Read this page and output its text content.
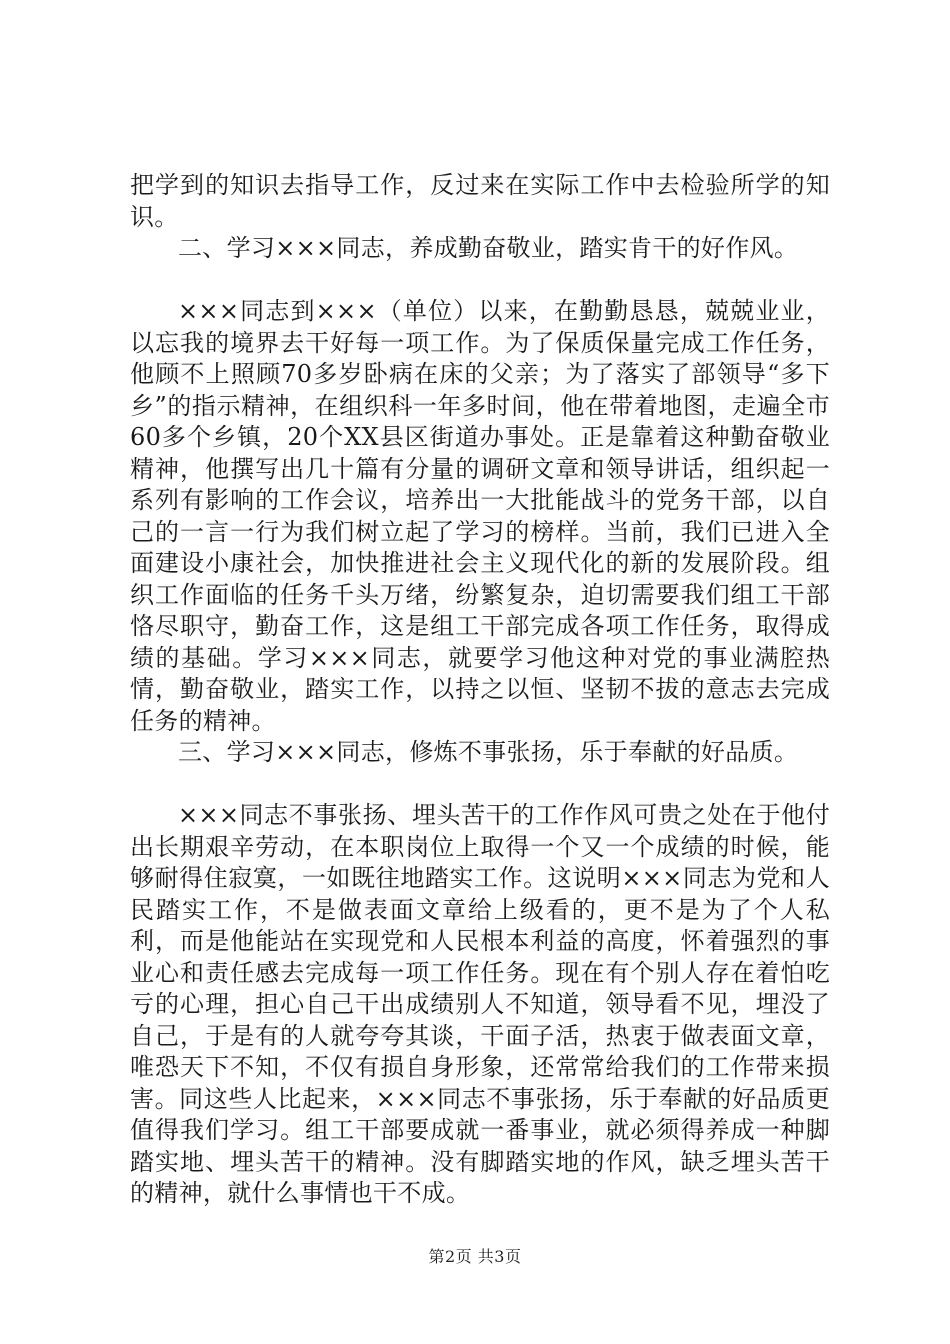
把学到的知识去指导工作，反过来在实际工作中去检验所学的知识。

二、学习×××同志，养成勤奋敬业，踏实肯干的好作风。

×××同志到×××（单位）以来，在勤勤恳恳，兢兢业业，以忘我的境界去干好每一项工作。为了保质保量完成工作任务，他顾不上照顾70多岁卧病在床的父亲；为了落实了部领导“多下乡”的指示精神，在组织科一年多时间，他在带着地图，走遍全市60多个乡镇，20个XX县区街道办事处。正是靠着这种勤奋敬业精神，他撰写出几十篇有分量的调研文章和领导讲话，组织起一系列有影响的工作会议，培养出一大批能战斗的党务干部，以自己的一言一行为我们树立起了学习的榜样。当前，我们已进入全面建设小康社会，加快推进社会主义现代化的新的发展阶段。组织工作面临的任务千头万绪，纷繁复杂，迫切需要我们组工干部恪尽职守，勤奋工作，这是组工干部完成各项工作任务，取得成绩的基础。学习×××同志，就要学习他这种对党的事业满腔热情，勤奋敬业，踏实工作，以持之以恒、坚韧不拔的意志去完成任务的精神。

三、学习×××同志，修炼不事张扬，乐于奉献的好品质。

×××同志不事张扬、埋头苦干的工作作风可贵之处在于他付出长期艰辛劳动，在本职岗位上取得一个又一个成绩的时候，能够耐得住寂寞，一如既往地踏实工作。这说明×××同志为党和人民踏实工作，不是做表面文章给上级看的，更不是为了个人私利，而是他能站在实现党和人民根本利益的高度，怀着强烈的事业心和责任感去完成每一项工作任务。现在有个别人存在着怕吃亏的心理，担心自己干出成绩别人不知道，领导看不见，埋没了自己，于是有的人就夸夸其谈，干面子活，热衷于做表面文章，唯恐天下不知，不仅有损自身形象，还常常给我们的工作带来损害。同这些人比起来，×××同志不事张扬，乐于奉献的好品质更值得我们学习。组工干部要成就一番事业，就必须得养成一种脚踏实地、埋头苦干的精神。没有脚踏实地的作风，缺乏埋头苦干的精神，就什么事情也干不成。

第2页 共3页
